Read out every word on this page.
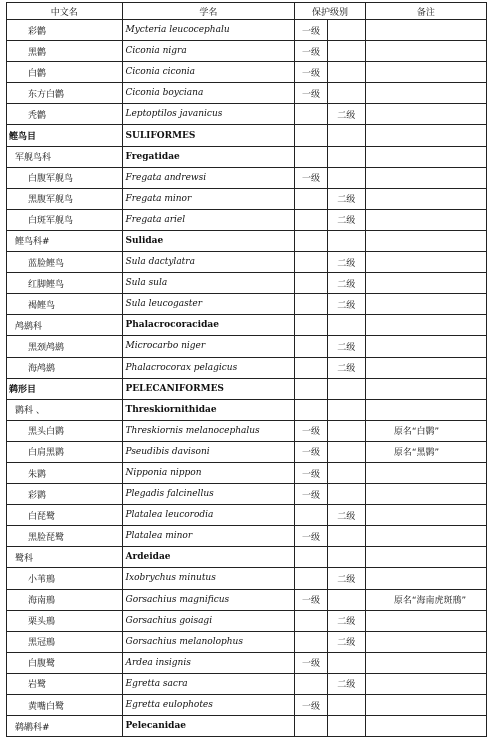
中文名	学名	保护级别		备注
彩鹳	Mycteria leucocephalu	一级		
黑鹳	Ciconia nigra	一级		
白鹳	Ciconia ciconia	一级		
东方白鹳	Ciconia boyciana	一级		
秃鹳	Leptoptilos javanicus		二级	
鲣鸟目	SULIFORMES			
军舰鸟科	Fregatidae			
白腹军舰鸟	Fregata andrewsi	一级		
黑腹军舰鸟	Fregata minor		二级	
白斑军舰鸟	Fregata ariel		二级	
鲣鸟科#	Sulidae			
蓝脸鲣鸟	Sula dactylatra		二级	
红脚鲣鸟	Sula sula		二级	
褐鲣鸟	Sula leucogaster		二级	
鸬鹚科	Phalacrocoracidae			
黑颈鸬鹚	Microcarbo niger		二级	
海鸬鹚	Phalacrocorax pelagicus		二级	
鹈形目	PELECANIFORMES			
鹮科 、	Threskiornithidae			
黑头白鹮	Threskiornis melanocephalus	一级		原名“白鹮”
白肩黑鹮	Pseudibis davisoni	一级		原名“黑鹮”
朱鹮	Nipponia nippon	一级		
彩鹮	Plegadis falcinellus	一级		
白琵鹭	Platalea leucorodia		二级	
黑脸琵鹭	Platalea minor	一级		
鹭科	Ardeidae			
小苇鳽	Ixobrychus minutus		二级	
海南鳽	Gorsachius magnificus	一级		原名“海南虎斑鳽”
栗头鳽	Gorsachius goisagi		二级	
黑冠鳽	Gorsachius melanolophus		二级	
白腹鹭	Ardea insignis	一级		
岩鹭	Egretta sacra		二级	
黄嘴白鹭	Egretta eulophotes	一级		
鹈鹕科#	Pelecanidae			
